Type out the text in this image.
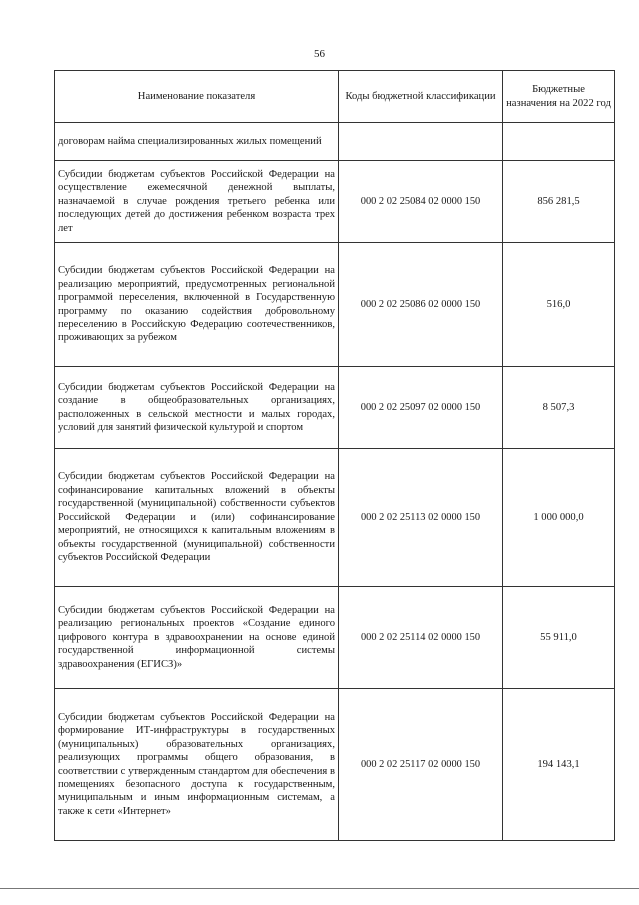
56
Наименование показателя	Коды бюджетной классификации	Бюджетные назначения на 2022 год
договорам найма специализированных жилых помещений		
Субсидии бюджетам субъектов Российской Федерации на осуществление ежемесячной денежной выплаты, назначаемой в случае рождения третьего ребенка или последующих детей до достижения ребенком возраста трех лет	000 2 02 25084 02 0000 150	856 281,5
Субсидии бюджетам субъектов Российской Федерации на реализацию мероприятий, предусмотренных региональной программой переселения, включенной в Государственную программу по оказанию содействия добровольному переселению в Российскую Федерацию соотечественников, проживающих за рубежом	000 2 02 25086 02 0000 150	516,0
Субсидии бюджетам субъектов Российской Федерации на создание в общеобразовательных организациях, расположенных в сельской местности и малых городах, условий для занятий физической культурой и спортом	000 2 02 25097 02 0000 150	8 507,3
Субсидии бюджетам субъектов Российской Федерации на софинансирование капитальных вложений в объекты государственной (муниципальной) собственности субъектов Российской Федерации и (или) софинансирование мероприятий, не относящихся к капитальным вложениям в объекты государственной (муниципальной) собственности субъектов Российской Федерации	000 2 02 25113 02 0000 150	1 000 000,0
Субсидии бюджетам субъектов Российской Федерации на реализацию региональных проектов «Создание единого цифрового контура в здравоохранении на основе единой государственной информационной системы здравоохранения (ЕГИСЗ)»	000 2 02 25114 02 0000 150	55 911,0
Субсидии бюджетам субъектов Российской Федерации на формирование ИТ-инфраструктуры в государственных (муниципальных) образовательных организациях, реализующих программы общего образования, в соответствии с утвержденным стандартом для обеспечения в помещениях безопасного доступа к государственным, муниципальным и иным информационным системам, а также к сети «Интернет»	000 2 02 25117 02 0000 150	194 143,1
